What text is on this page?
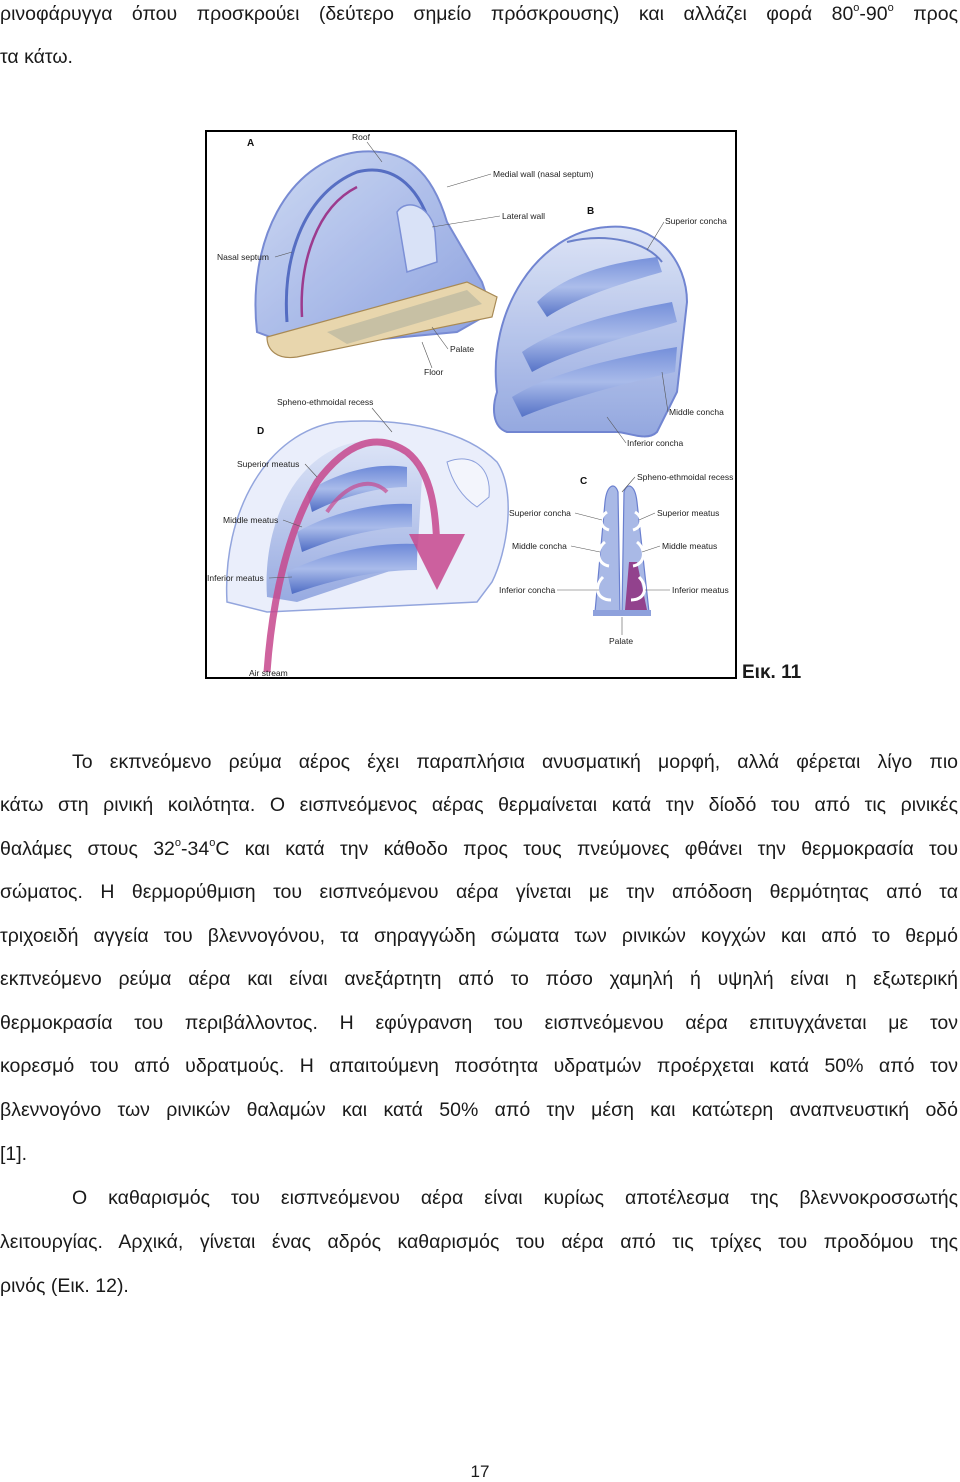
ρινοφάρυγγα όπου προσκρούει (δεύτερο σημείο πρόσκρουσης) και αλλάζει φορά $80^o-90^o$ προς
τα κάτω.
A
Roof
Medial wall (nasal septum)
Lateral wall
Nasal septum
Palate
Floor
B
Superior concha
Middle concha
Inferior concha
D
Spheno-ethmoidal recess
Superior meatus
Middle meatus
Inferior meatus
Air stream
C	Spheno-ethmoidal recess
Superior concha
Middle concha
Inferior concha
Superior meatus
Middle meatus
Inferior meatus
Palate
Εικ. 11
Το εκπνεόμενο ρεύμα αέρος έχει παραπλήσια ανυσματική μορφή, αλλά φέρεται λίγο πιο
κάτω στη ρινική κοιλότητα. Ο εισπνεόμενος αέρας θερμαίνεται κατά την δίοδό του από τις ρινικές
θαλάμες στους $32^o-34^oC$ και κατά την κάθοδο προς τους πνεύμονες φθάνει την θερμοκρασία του
σώματος. Η θερμορύθμιση του εισπνεόμενου αέρα γίνεται με την απόδοση θερμότητας από τα
τριχοειδή αγγεία του βλεννογόνου, τα σηραγγώδη σώματα των ρινικών κογχών και από το θερμό
εκπνεόμενο ρεύμα αέρα και είναι ανεξάρτητη από το πόσο χαμηλή ή υψηλή είναι η εξωτερική
θερμοκρασία του περιβάλλοντος. Η εφύγρανση του εισπνεόμενου αέρα επιτυγχάνεται με τον
κορεσμό του από υδρατμούς. Η απαιτούμενη ποσότητα υδρατμών προέρχεται κατά 50% από τον
βλεννογόνο των ρινικών θαλαμών και κατά 50% από την μέση και κατώτερη αναπνευστική οδό
[1].
Ο καθαρισμός του εισπνεόμενου αέρα είναι κυρίως αποτέλεσμα της βλεννοκροσσωτής
λειτουργίας. Αρχικά, γίνεται ένας αδρός καθαρισμός του αέρα από τις τρίχες του προδόμου της
ρινός (Εικ. 12).
17
